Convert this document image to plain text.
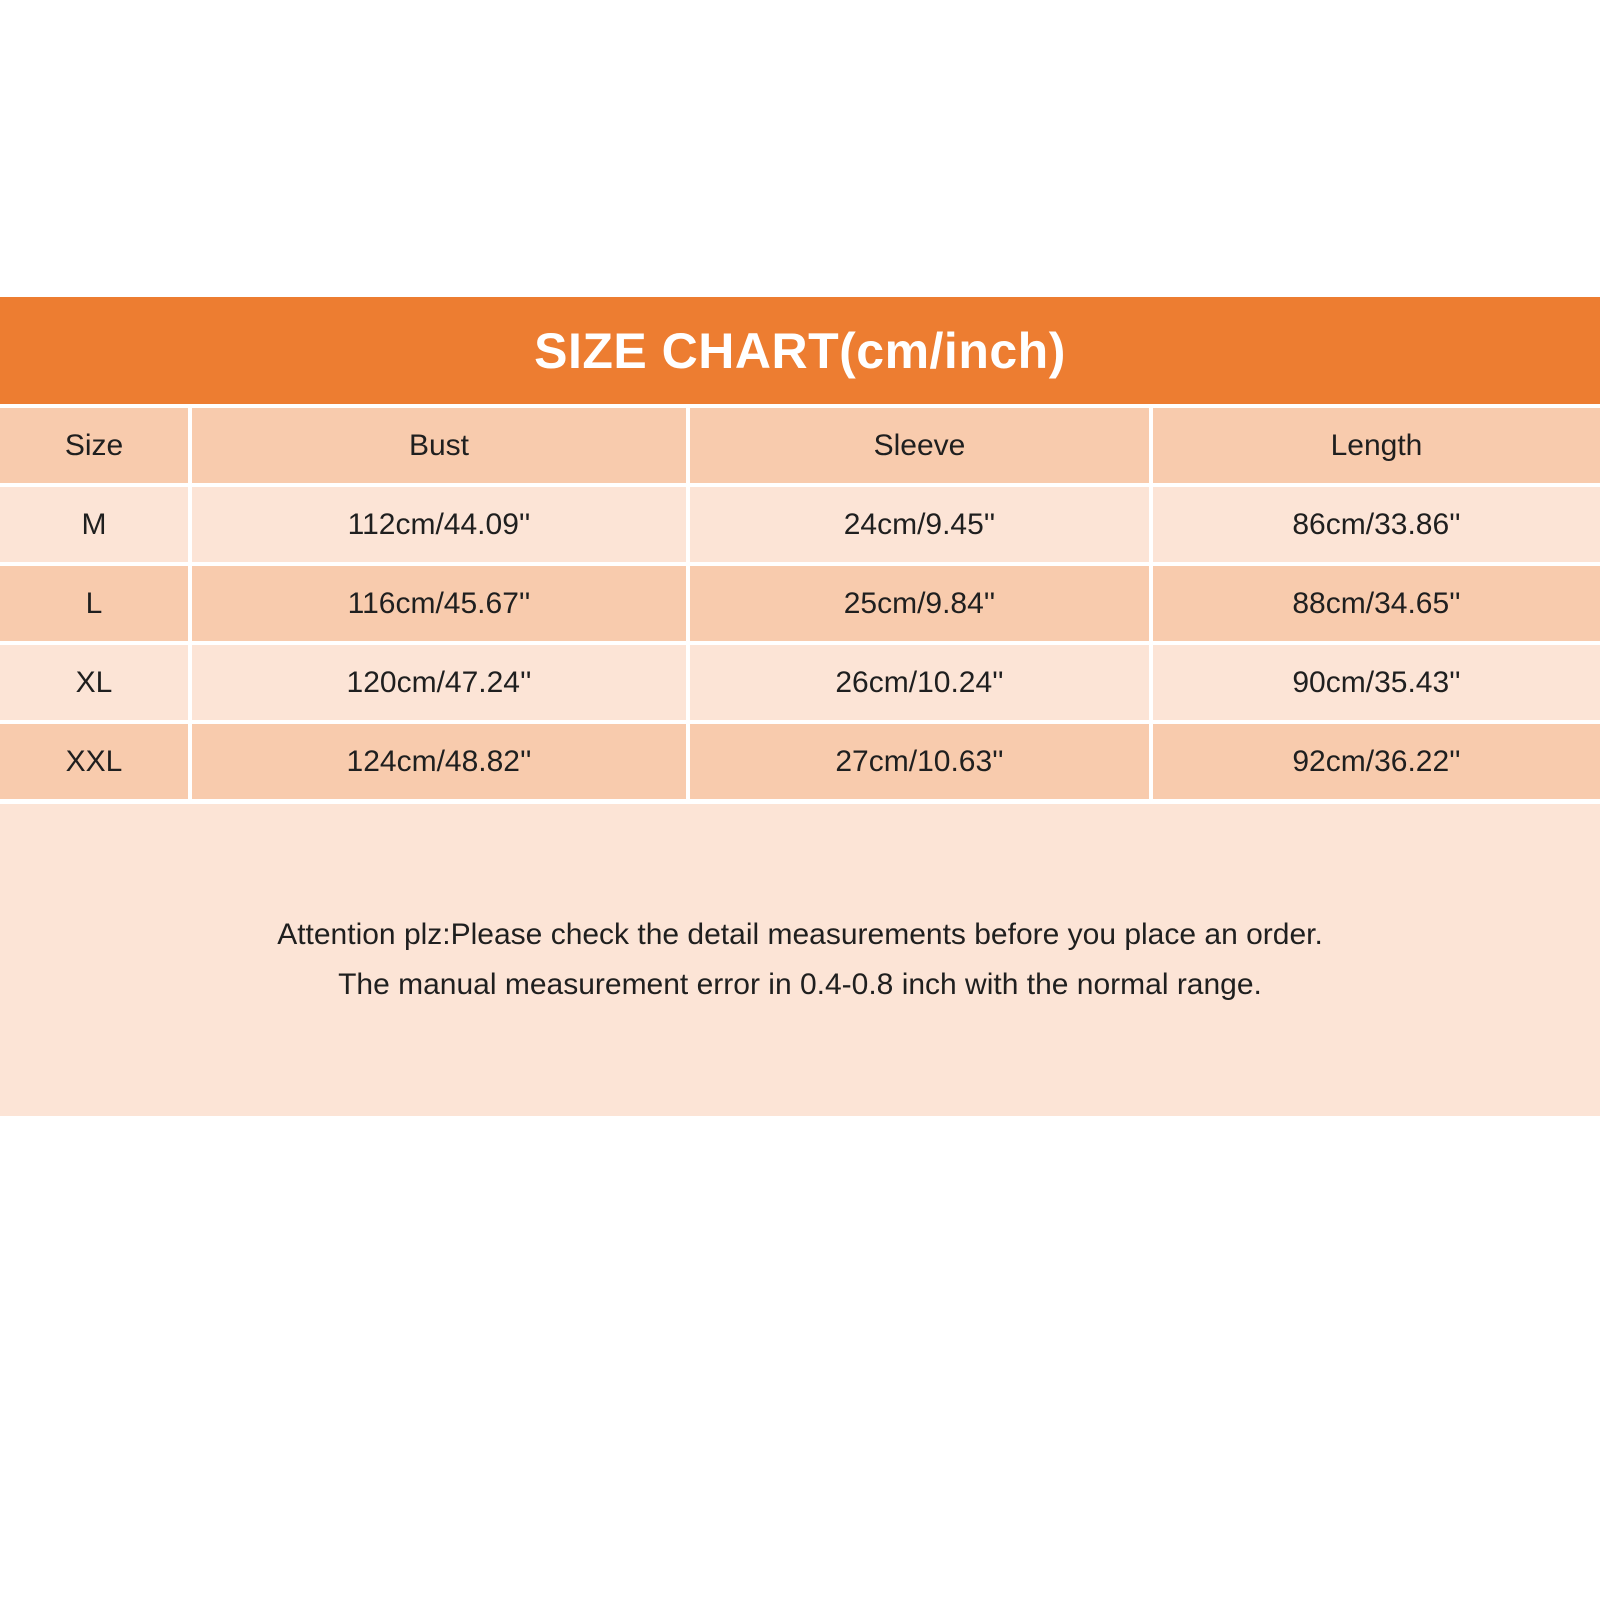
SIZE CHART(cm/inch)
Size	Bust	Sleeve	Length
M	112cm/44.09''	24cm/9.45''	86cm/33.86''
L	116cm/45.67''	25cm/9.84''	88cm/34.65''
XL	120cm/47.24''	26cm/10.24''	90cm/35.43''
XXL	124cm/48.82''	27cm/10.63''	92cm/36.22''

Attention plz:Please check the detail measurements before you place an order.

The manual measurement error in 0.4-0.8 inch with the normal range.
